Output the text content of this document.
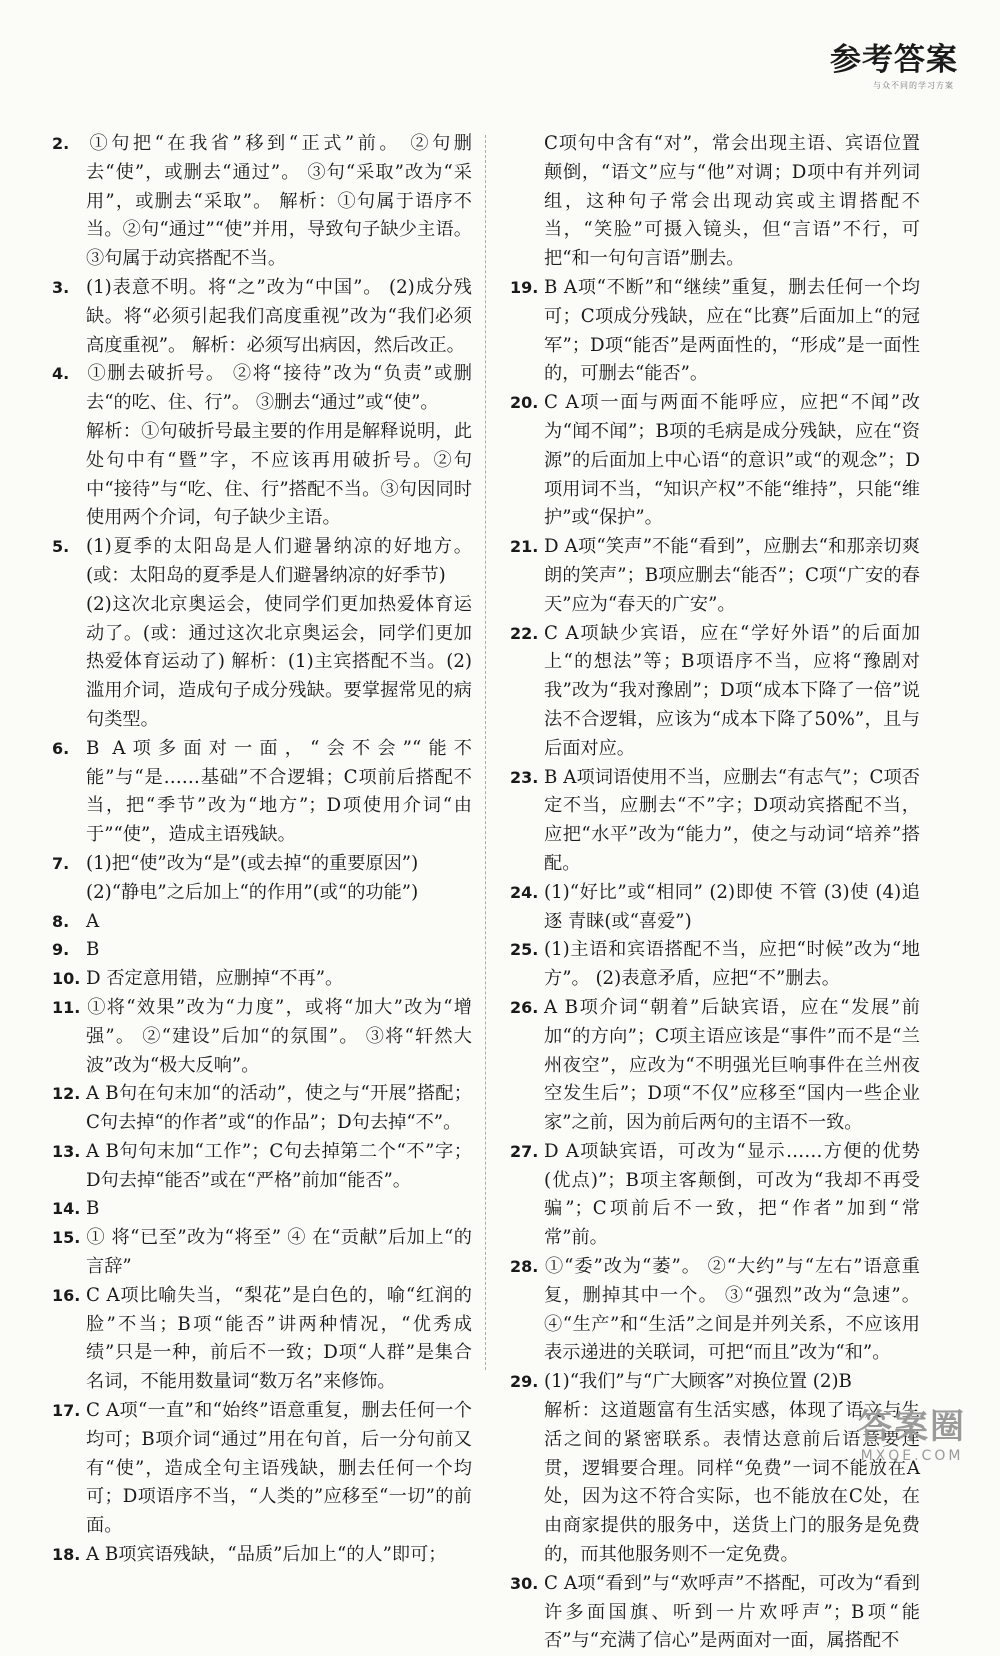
参考答案
与众不同的学习方案
2. ①句把“在我省”移到“正式”前。 ②句删去“使”，或删去“通过”。 ③句“采取”改为“采用”，或删去“采取”。 解析：①句属于语序不当。②句“通过”“使”并用，导致句子缺少主语。③句属于动宾搭配不当。
3. (1)表意不明。将“之”改为“中国”。 (2)成分残缺。将“必须引起我们高度重视”改为“我们必须高度重视”。 解析：必须写出病因，然后改正。
4. ①删去破折号。 ②将“接待”改为“负责”或删去“的吃、住、行”。 ③删去“通过”或“使”。
解析：①句破折号最主要的作用是解释说明，此处句中有“暨”字，不应该再用破折号。②句中“接待”与“吃、住、行”搭配不当。③句因同时使用两个介词，句子缺少主语。
5. (1)夏季的太阳岛是人们避暑纳凉的好地方。(或：太阳岛的夏季是人们避暑纳凉的好季节)
(2)这次北京奥运会，使同学们更加热爱体育运动了。(或：通过这次北京奥运会，同学们更加热爱体育运动了) 解析：(1)主宾搭配不当。(2)滥用介词，造成句子成分残缺。要掌握常见的病句类型。
6. B A项多面对一面，“会不会”“能不能”与“是……基础”不合逻辑；C项前后搭配不当，把“季节”改为“地方”；D项使用介词“由于”“使”，造成主语残缺。
7. (1)把“使”改为“是”(或去掉“的重要原因”)
(2)“静电”之后加上“的作用”(或“的功能”)
8. A
9. B
10. D 否定意用错，应删掉“不再”。
11. ①将“效果”改为“力度”，或将“加大”改为“增强”。 ②“建设”后加“的氛围”。 ③将“轩然大波”改为“极大反响”。
12. A B句在句末加“的活动”，使之与“开展”搭配；C句去掉“的作者”或“的作品”；D句去掉“不”。
13. A B句句末加“工作”；C句去掉第二个“不”字；D句去掉“能否”或在“严格”前加“能否”。
14. B
15. ① 将“已至”改为“将至” ④ 在“贡献”后加上“的言辞”
16. C A项比喻失当，“梨花”是白色的，喻“红润的脸”不当；B项“能否”讲两种情况，“优秀成绩”只是一种，前后不一致；D项“人群”是集合名词，不能用数量词“数万名”来修饰。
17. C A项“一直”和“始终”语意重复，删去任何一个均可；B项介词“通过”用在句首，后一分句前又有“使”，造成全句主语残缺，删去任何一个均可；D项语序不当，“人类的”应移至“一切”的前面。
18. A B项宾语残缺，“品质”后加上“的人”即可；
C项句中含有“对”，常会出现主语、宾语位置颠倒，“语文”应与“他”对调；D项中有并列词组，这种句子常会出现动宾或主谓搭配不当，“笑脸”可摄入镜头，但“言语”不行，可把“和一句句言语”删去。
19. B A项“不断”和“继续”重复，删去任何一个均可；C项成分残缺，应在“比赛”后面加上“的冠军”；D项“能否”是两面性的，“形成”是一面性的，可删去“能否”。
20. C A项一面与两面不能呼应，应把“不闻”改为“闻不闻”；B项的毛病是成分残缺，应在“资源”的后面加上中心语“的意识”或“的观念”；D项用词不当，“知识产权”不能“维持”，只能“维护”或“保护”。
21. D A项“笑声”不能“看到”，应删去“和那亲切爽朗的笑声”；B项应删去“能否”；C项“广安的春天”应为“春天的广安”。
22. C A项缺少宾语，应在“学好外语”的后面加上“的想法”等；B项语序不当，应将“豫剧对我”改为“我对豫剧”；D项“成本下降了一倍”说法不合逻辑，应该为“成本下降了50%”，且与后面对应。
23. B A项词语使用不当，应删去“有志气”；C项否定不当，应删去“不”字；D项动宾搭配不当，应把“水平”改为“能力”，使之与动词“培养”搭配。
24. (1)“好比”或“相同” (2)即使 不管 (3)使 (4)追逐 青睐(或“喜爱”)
25. (1)主语和宾语搭配不当，应把“时候”改为“地方”。 (2)表意矛盾，应把“不”删去。
26. A B项介词“朝着”后缺宾语，应在“发展”前加“的方向”；C项主语应该是“事件”而不是“兰州夜空”，应改为“不明强光巨响事件在兰州夜空发生后”；D项“不仅”应移至“国内一些企业家”之前，因为前后两句的主语不一致。
27. D A项缺宾语，可改为“显示……方便的优势(优点)”；B项主客颠倒，可改为“我却不再受骗”；C项前后不一致，把“作者”加到“常常”前。
28. ①“委”改为“萎”。 ②“大约”与“左右”语意重复，删掉其中一个。 ③“强烈”改为“急速”。 ④“生产”和“生活”之间是并列关系，不应该用表示递进的关联词，可把“而且”改为“和”。
29. (1)“我们”与“广大顾客”对换位置 (2)B
解析：这道题富有生活实感，体现了语文与生活之间的紧密联系。表情达意前后语意要连贯，逻辑要合理。同样“免费”一词不能放在A处，因为这不符合实际，也不能放在C处，在由商家提供的服务中，送货上门的服务是免费的，而其他服务则不一定免费。
30. C A项“看到”与“欢呼声”不搭配，可改为“看到许多面国旗、听到一片欢呼声”；B项“能否”与“充满了信心”是两面对一面，属搭配不
答案圈
MXQE.COM
